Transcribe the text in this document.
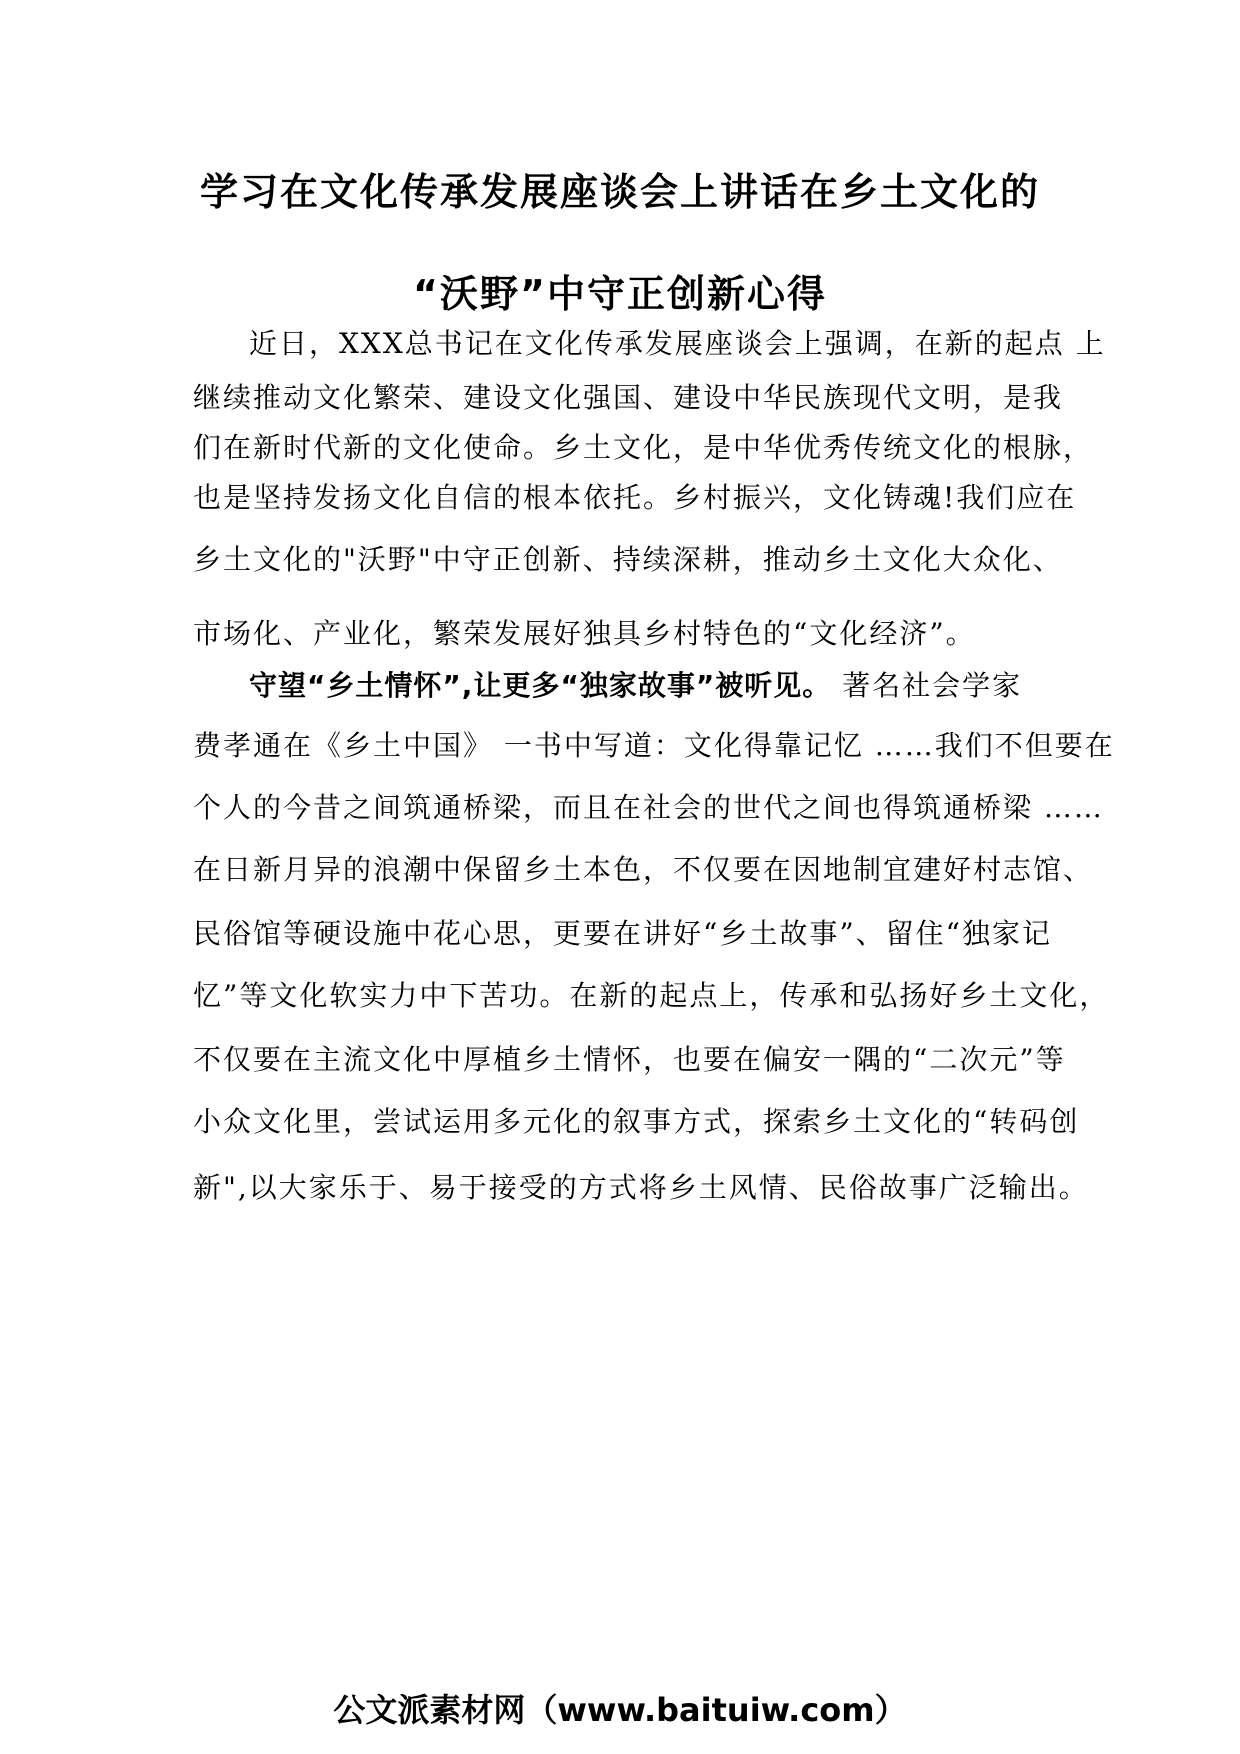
学习在文化传承发展座谈会上讲话在乡土文化的
“沃野”中守正创新心得
近日，XXX总书记在文化传承发展座谈会上强调，在新的起点 上
继续推动文化繁荣、建设文化强国、建设中华民族现代文明，是我
们在新时代新的文化使命。乡土文化，是中华优秀传统文化的根脉，
也是坚持发扬文化自信的根本依托。乡村振兴，文化铸魂!我们应在
乡土文化的"沃野"中守正创新、持续深耕，推动乡土文化大众化、
市场化、产业化，繁荣发展好独具乡村特色的“文化经济”。
守望“乡土情怀”,让更多“独家故事”被听见。 著名社会学家
费孝通在《乡土中国》 一书中写道：文化得靠记忆 ……我们不但要在
个人的今昔之间筑通桥梁，而且在社会的世代之间也得筑通桥梁 ……
在日新月异的浪潮中保留乡土本色，不仅要在因地制宜建好村志馆、
民俗馆等硬设施中花心思，更要在讲好“乡土故事”、留住“独家记
忆”等文化软实力中下苦功。在新的起点上，传承和弘扬好乡土文化，
不仅要在主流文化中厚植乡土情怀，也要在偏安一隅的“二次元”等
小众文化里，尝试运用多元化的叙事方式，探索乡土文化的“转码创
新",以大家乐于、易于接受的方式将乡土风情、民俗故事广泛输出。
公文派素材网（www.baituiw.com）
